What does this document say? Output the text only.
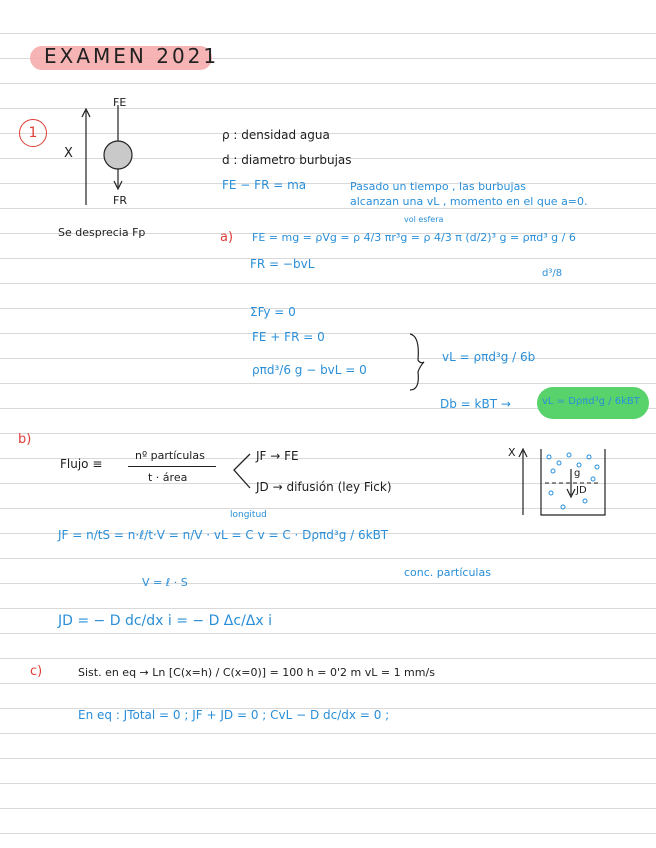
EXAMEN 2021
1
X
FE
FR
Se desprecia Fp
ρ : densidad agua
d : diametro burbujas
FE − FR = ma	Pasado un tiempo , las burbujas
alcanzan una vL , momento en el que a=0.
a) FE = mg = ρVg = ρ 4/3 πr³g = ρ 4/3 π (d/2)³ g = ρπd³ g / 6
vol esfera
d³/8
FR = −bvL
ΣFy = 0
FE + FR = 0
ρπd³/6 g − bvL = 0
vL = ρπd³g / 6b
Db = kBT →	vL = Dρπd³g / 6kBT
b)
Flujo ≡
nº partículas
t · área
JF → FE
JD → difusión (ley Fick)
X
g
JD
JF = n/tS = n·ℓ/t·V = n/V · vL = C v = C · Dρπd³g / 6kBT
longitud
V = ℓ · S
conc. partículas
JD = − D dc/dx i = − D Δc/Δx i
c)	Sist. en eq → Ln [C(x=h) / C(x=0)] = 100 h = 0'2 m vL = 1 mm/s
En eq : JTotal = 0 ; JF + JD = 0 ; CvL − D dc/dx = 0 ;
